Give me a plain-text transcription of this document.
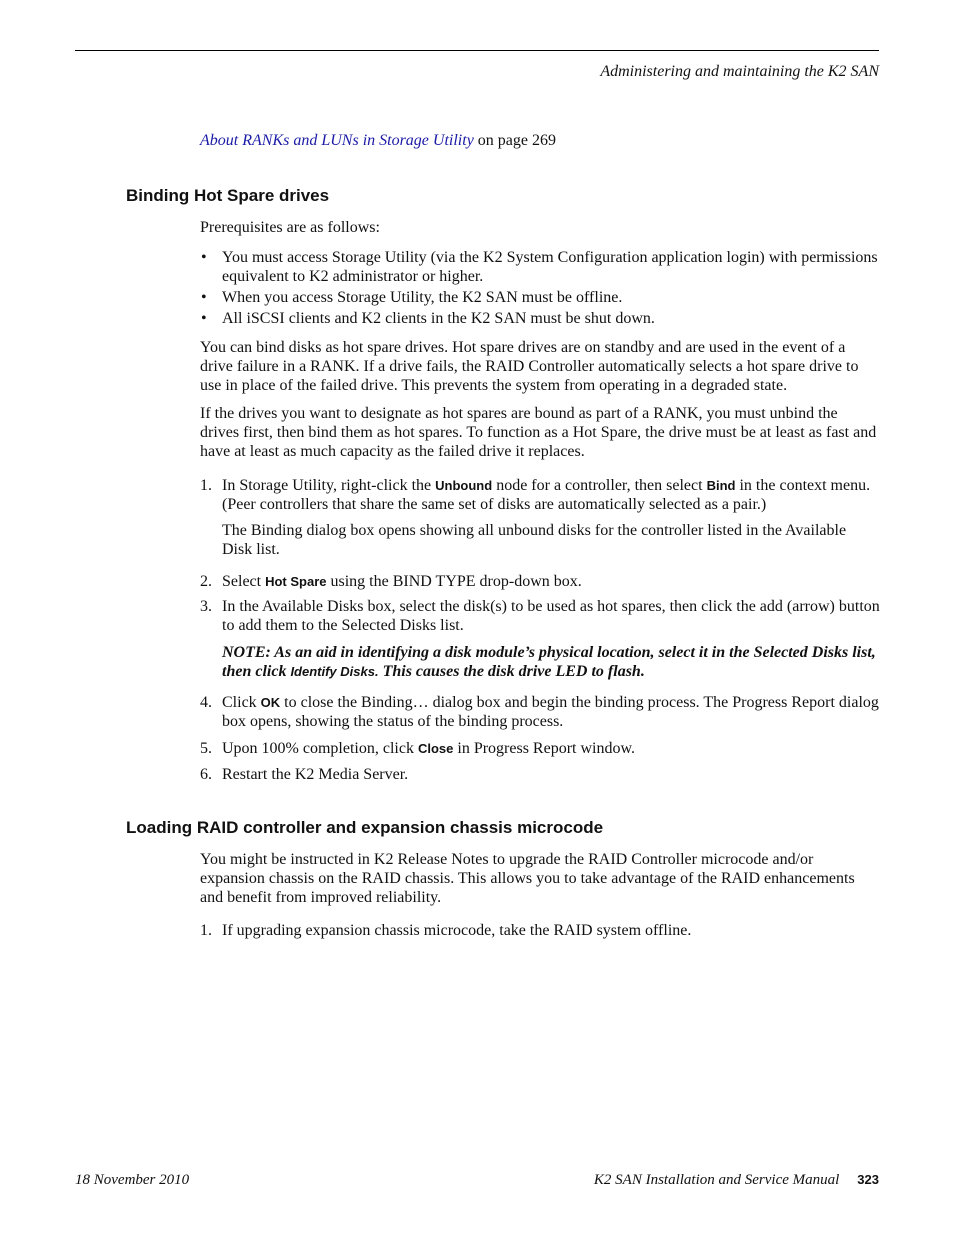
Administering and maintaining the K2 SAN
About RANKs and LUNs in Storage Utility on page 269
Binding Hot Spare drives

Prerequisites are as follows:

• You must access Storage Utility (via the K2 System Configuration application login) with permissions equivalent to K2 administrator or higher.
• When you access Storage Utility, the K2 SAN must be offline.
• All iSCSI clients and K2 clients in the K2 SAN must be shut down.

You can bind disks as hot spare drives. Hot spare drives are on standby and are used in the event of a drive failure in a RANK. If a drive fails, the RAID Controller automatically selects a hot spare drive to use in place of the failed drive. This prevents the system from operating in a degraded state.

If the drives you want to designate as hot spares are bound as part of a RANK, you must unbind the drives first, then bind them as hot spares. To function as a Hot Spare, the drive must be at least as fast and have at least as much capacity as the failed drive it replaces.

1. In Storage Utility, right-click the Unbound node for a controller, then select Bind in the context menu. (Peer controllers that share the same set of disks are automatically selected as a pair.)

The Binding dialog box opens showing all unbound disks for the controller listed in the Available Disk list.

2. Select Hot Spare using the BIND TYPE drop-down box.
3. In the Available Disks box, select the disk(s) to be used as hot spares, then click the add (arrow) button to add them to the Selected Disks list.
NOTE: As an aid in identifying a disk module’s physical location, select it in the Selected Disks list, then click Identify Disks. This causes the disk drive LED to flash.
4. Click OK to close the Binding… dialog box and begin the binding process. The Progress Report dialog box opens, showing the status of the binding process.
5. Upon 100% completion, click Close in Progress Report window.
6. Restart the K2 Media Server.
Loading RAID controller and expansion chassis microcode

You might be instructed in K2 Release Notes to upgrade the RAID Controller microcode and/or expansion chassis on the RAID chassis. This allows you to take advantage of the RAID enhancements and benefit from improved reliability.

1. If upgrading expansion chassis microcode, take the RAID system offline.
18 November 2010	K2 SAN Installation and Service Manual 323
